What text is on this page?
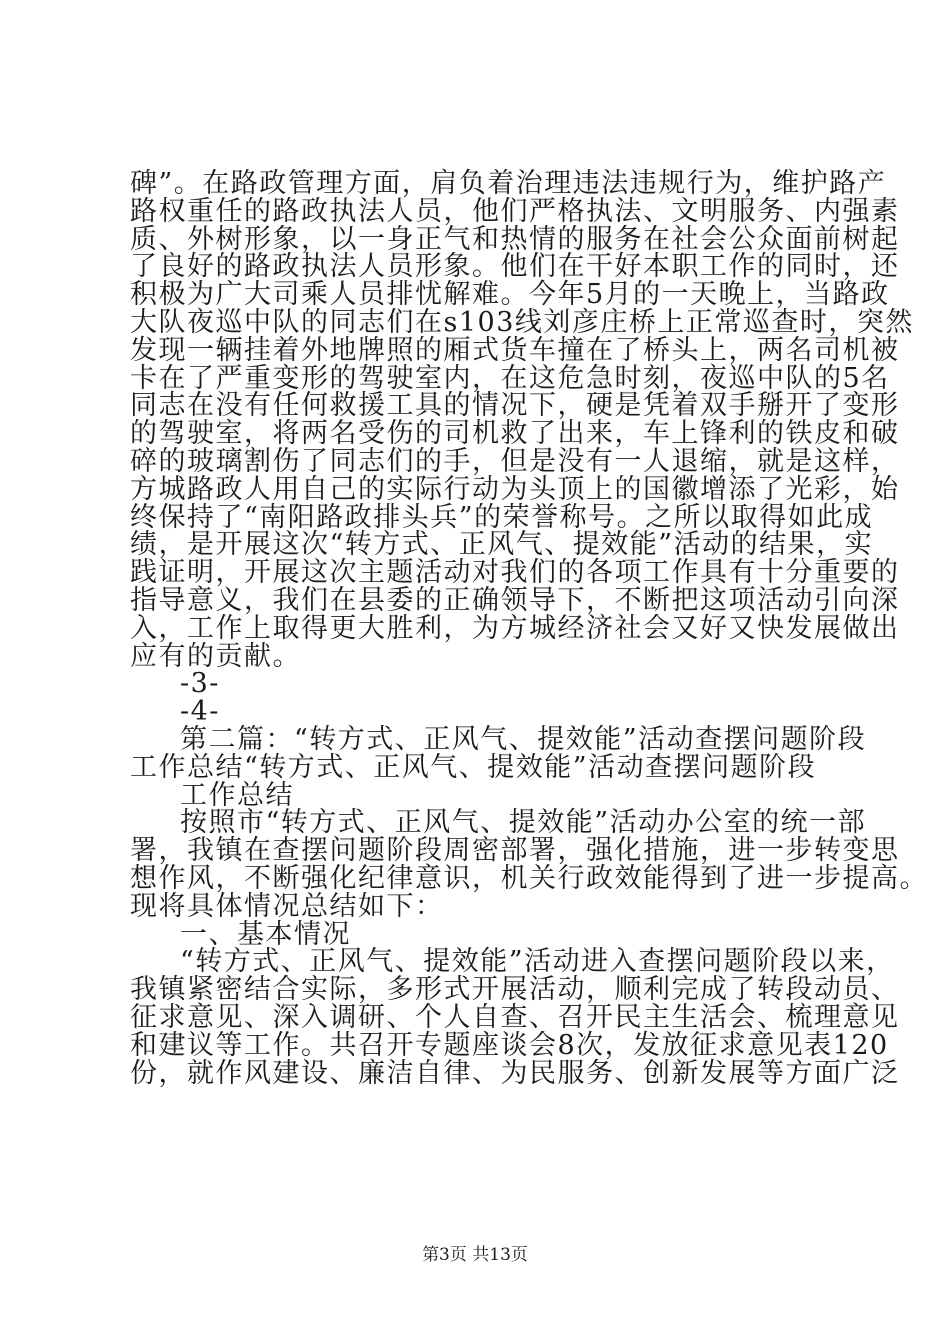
碑”。在路政管理方面，肩负着治理违法违规行为，维护路产
路权重任的路政执法人员，他们严格执法、文明服务、内强素
质、外树形象，以一身正气和热情的服务在社会公众面前树起
了良好的路政执法人员形象。他们在干好本职工作的同时，还
积极为广大司乘人员排忧解难。今年5月的一天晚上，当路政
大队夜巡中队的同志们在s103线刘彦庄桥上正常巡查时，突然
发现一辆挂着外地牌照的厢式货车撞在了桥头上，两名司机被
卡在了严重变形的驾驶室内，在这危急时刻，夜巡中队的5名
同志在没有任何救援工具的情况下，硬是凭着双手掰开了变形
的驾驶室，将两名受伤的司机救了出来，车上锋利的铁皮和破
碎的玻璃割伤了同志们的手，但是没有一人退缩，就是这样，
方城路政人用自己的实际行动为头顶上的国徽增添了光彩，始
终保持了“南阳路政排头兵”的荣誉称号。之所以取得如此成
绩，是开展这次“转方式、正风气、提效能”活动的结果，实
践证明，开展这次主题活动对我们的各项工作具有十分重要的
指导意义，我们在县委的正确领导下，不断把这项活动引向深
入，工作上取得更大胜利，为方城经济社会又好又快发展做出
应有的贡献。
-3-
-4-
第二篇：“转方式、正风气、提效能”活动查摆问题阶段
工作总结“转方式、正风气、提效能”活动查摆问题阶段
工作总结
按照市“转方式、正风气、提效能”活动办公室的统一部
署，我镇在查摆问题阶段周密部署，强化措施，进一步转变思
想作风，不断强化纪律意识，机关行政效能得到了进一步提高。
现将具体情况总结如下：
一、基本情况
“转方式、正风气、提效能”活动进入查摆问题阶段以来，
我镇紧密结合实际，多形式开展活动，顺利完成了转段动员、
征求意见、深入调研、个人自查、召开民主生活会、梳理意见
和建议等工作。共召开专题座谈会8次，发放征求意见表120
份，就作风建设、廉洁自律、为民服务、创新发展等方面广泛
第3页 共13页
